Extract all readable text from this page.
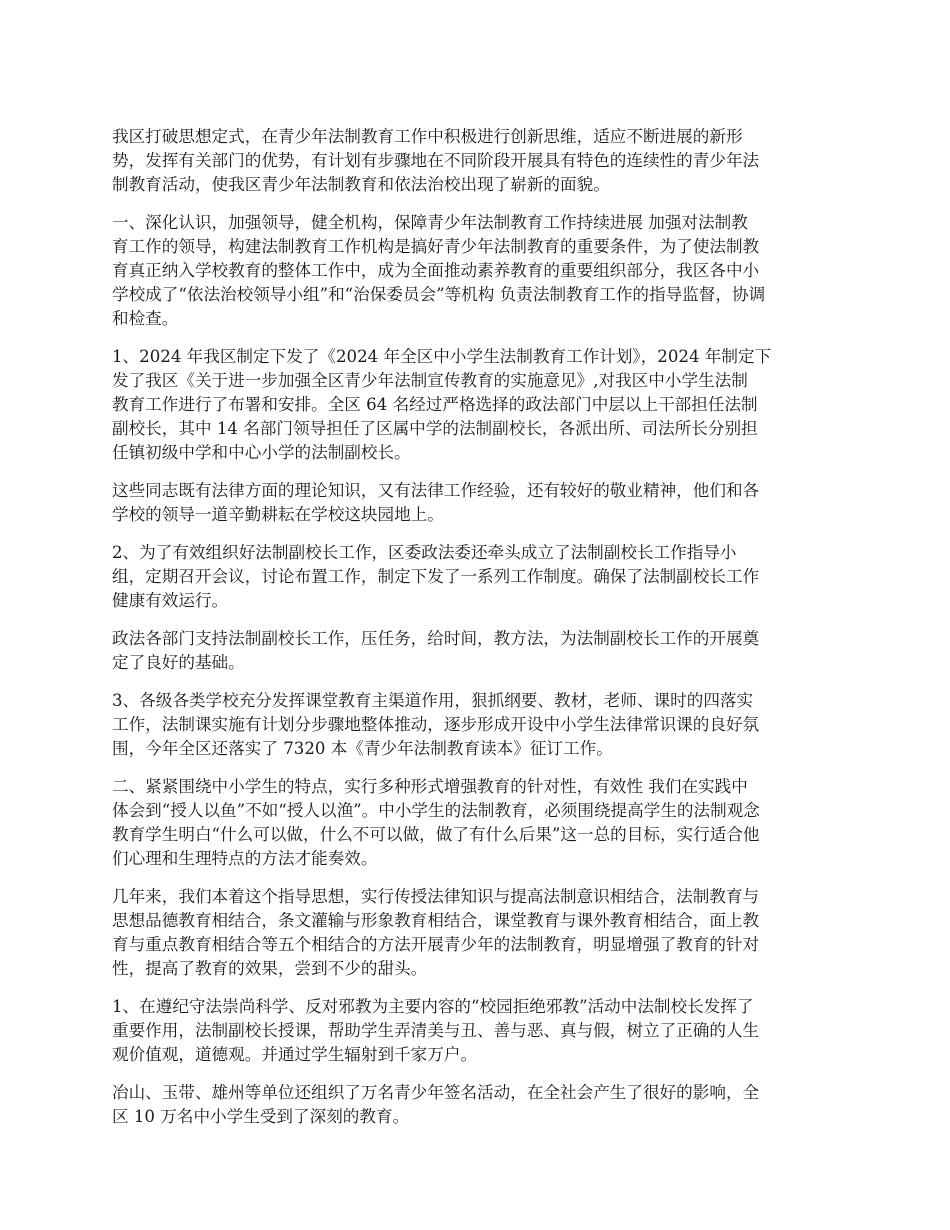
我区打破思想定式，在青少年法制教育工作中积极进行创新思维，适应不断进展的新形
势，发挥有关部门的优势，有计划有步骤地在不同阶段开展具有特色的连续性的青少年法
制教育活动，使我区青少年法制教育和依法治校出现了崭新的面貌。

一、深化认识，加强领导，健全机构，保障青少年法制教育工作持续进展 加强对法制教
育工作的领导，构建法制教育工作机构是搞好青少年法制教育的重要条件，为了使法制教
育真正纳入学校教育的整体工作中，成为全面推动素养教育的重要组织部分，我区各中小
学校成了“依法治校领导小组”和“治保委员会”等机构 负责法制教育工作的指导监督，协调
和检查。

1、2024 年我区制定下发了《2024 年全区中小学生法制教育工作计划》，2024 年制定下
发了我区《关于进一步加强全区青少年法制宣传教育的实施意见》,对我区中小学生法制
教育工作进行了布署和安排。全区 64 名经过严格选择的政法部门中层以上干部担任法制
副校长，其中 14 名部门领导担任了区属中学的法制副校长，各派出所、司法所长分别担
任镇初级中学和中心小学的法制副校长。

这些同志既有法律方面的理论知识，又有法律工作经验，还有较好的敬业精神，他们和各
学校的领导一道辛勤耕耘在学校这块园地上。

2、为了有效组织好法制副校长工作，区委政法委还牵头成立了法制副校长工作指导小
组，定期召开会议，讨论布置工作，制定下发了一系列工作制度。确保了法制副校长工作
健康有效运行。

政法各部门支持法制副校长工作，压任务，给时间，教方法，为法制副校长工作的开展奠
定了良好的基础。

3、各级各类学校充分发挥课堂教育主渠道作用，狠抓纲要、教材，老师、课时的四落实
工作，法制课实施有计划分步骤地整体推动，逐步形成开设中小学生法律常识课的良好氛
围，今年全区还落实了 7320 本《青少年法制教育读本》征订工作。

二、紧紧围绕中小学生的特点，实行多种形式增强教育的针对性，有效性 我们在实践中
体会到“授人以鱼”不如“授人以渔”。中小学生的法制教育，必须围绕提高学生的法制观念
教育学生明白“什么可以做，什么不可以做，做了有什么后果”这一总的目标，实行适合他
们心理和生理特点的方法才能奏效。

几年来，我们本着这个指导思想，实行传授法律知识与提高法制意识相结合，法制教育与
思想品德教育相结合，条文灌输与形象教育相结合，课堂教育与课外教育相结合，面上教
育与重点教育相结合等五个相结合的方法开展青少年的法制教育，明显增强了教育的针对
性，提高了教育的效果，尝到不少的甜头。

1、在遵纪守法崇尚科学、反对邪教为主要内容的“校园拒绝邪教”活动中法制校长发挥了
重要作用，法制副校长授课，帮助学生弄清美与丑、善与恶、真与假，树立了正确的人生
观价值观，道德观。并通过学生辐射到千家万户。

冶山、玉带、雄州等单位还组织了万名青少年签名活动，在全社会产生了很好的影响，全
区 10 万名中小学生受到了深刻的教育。
